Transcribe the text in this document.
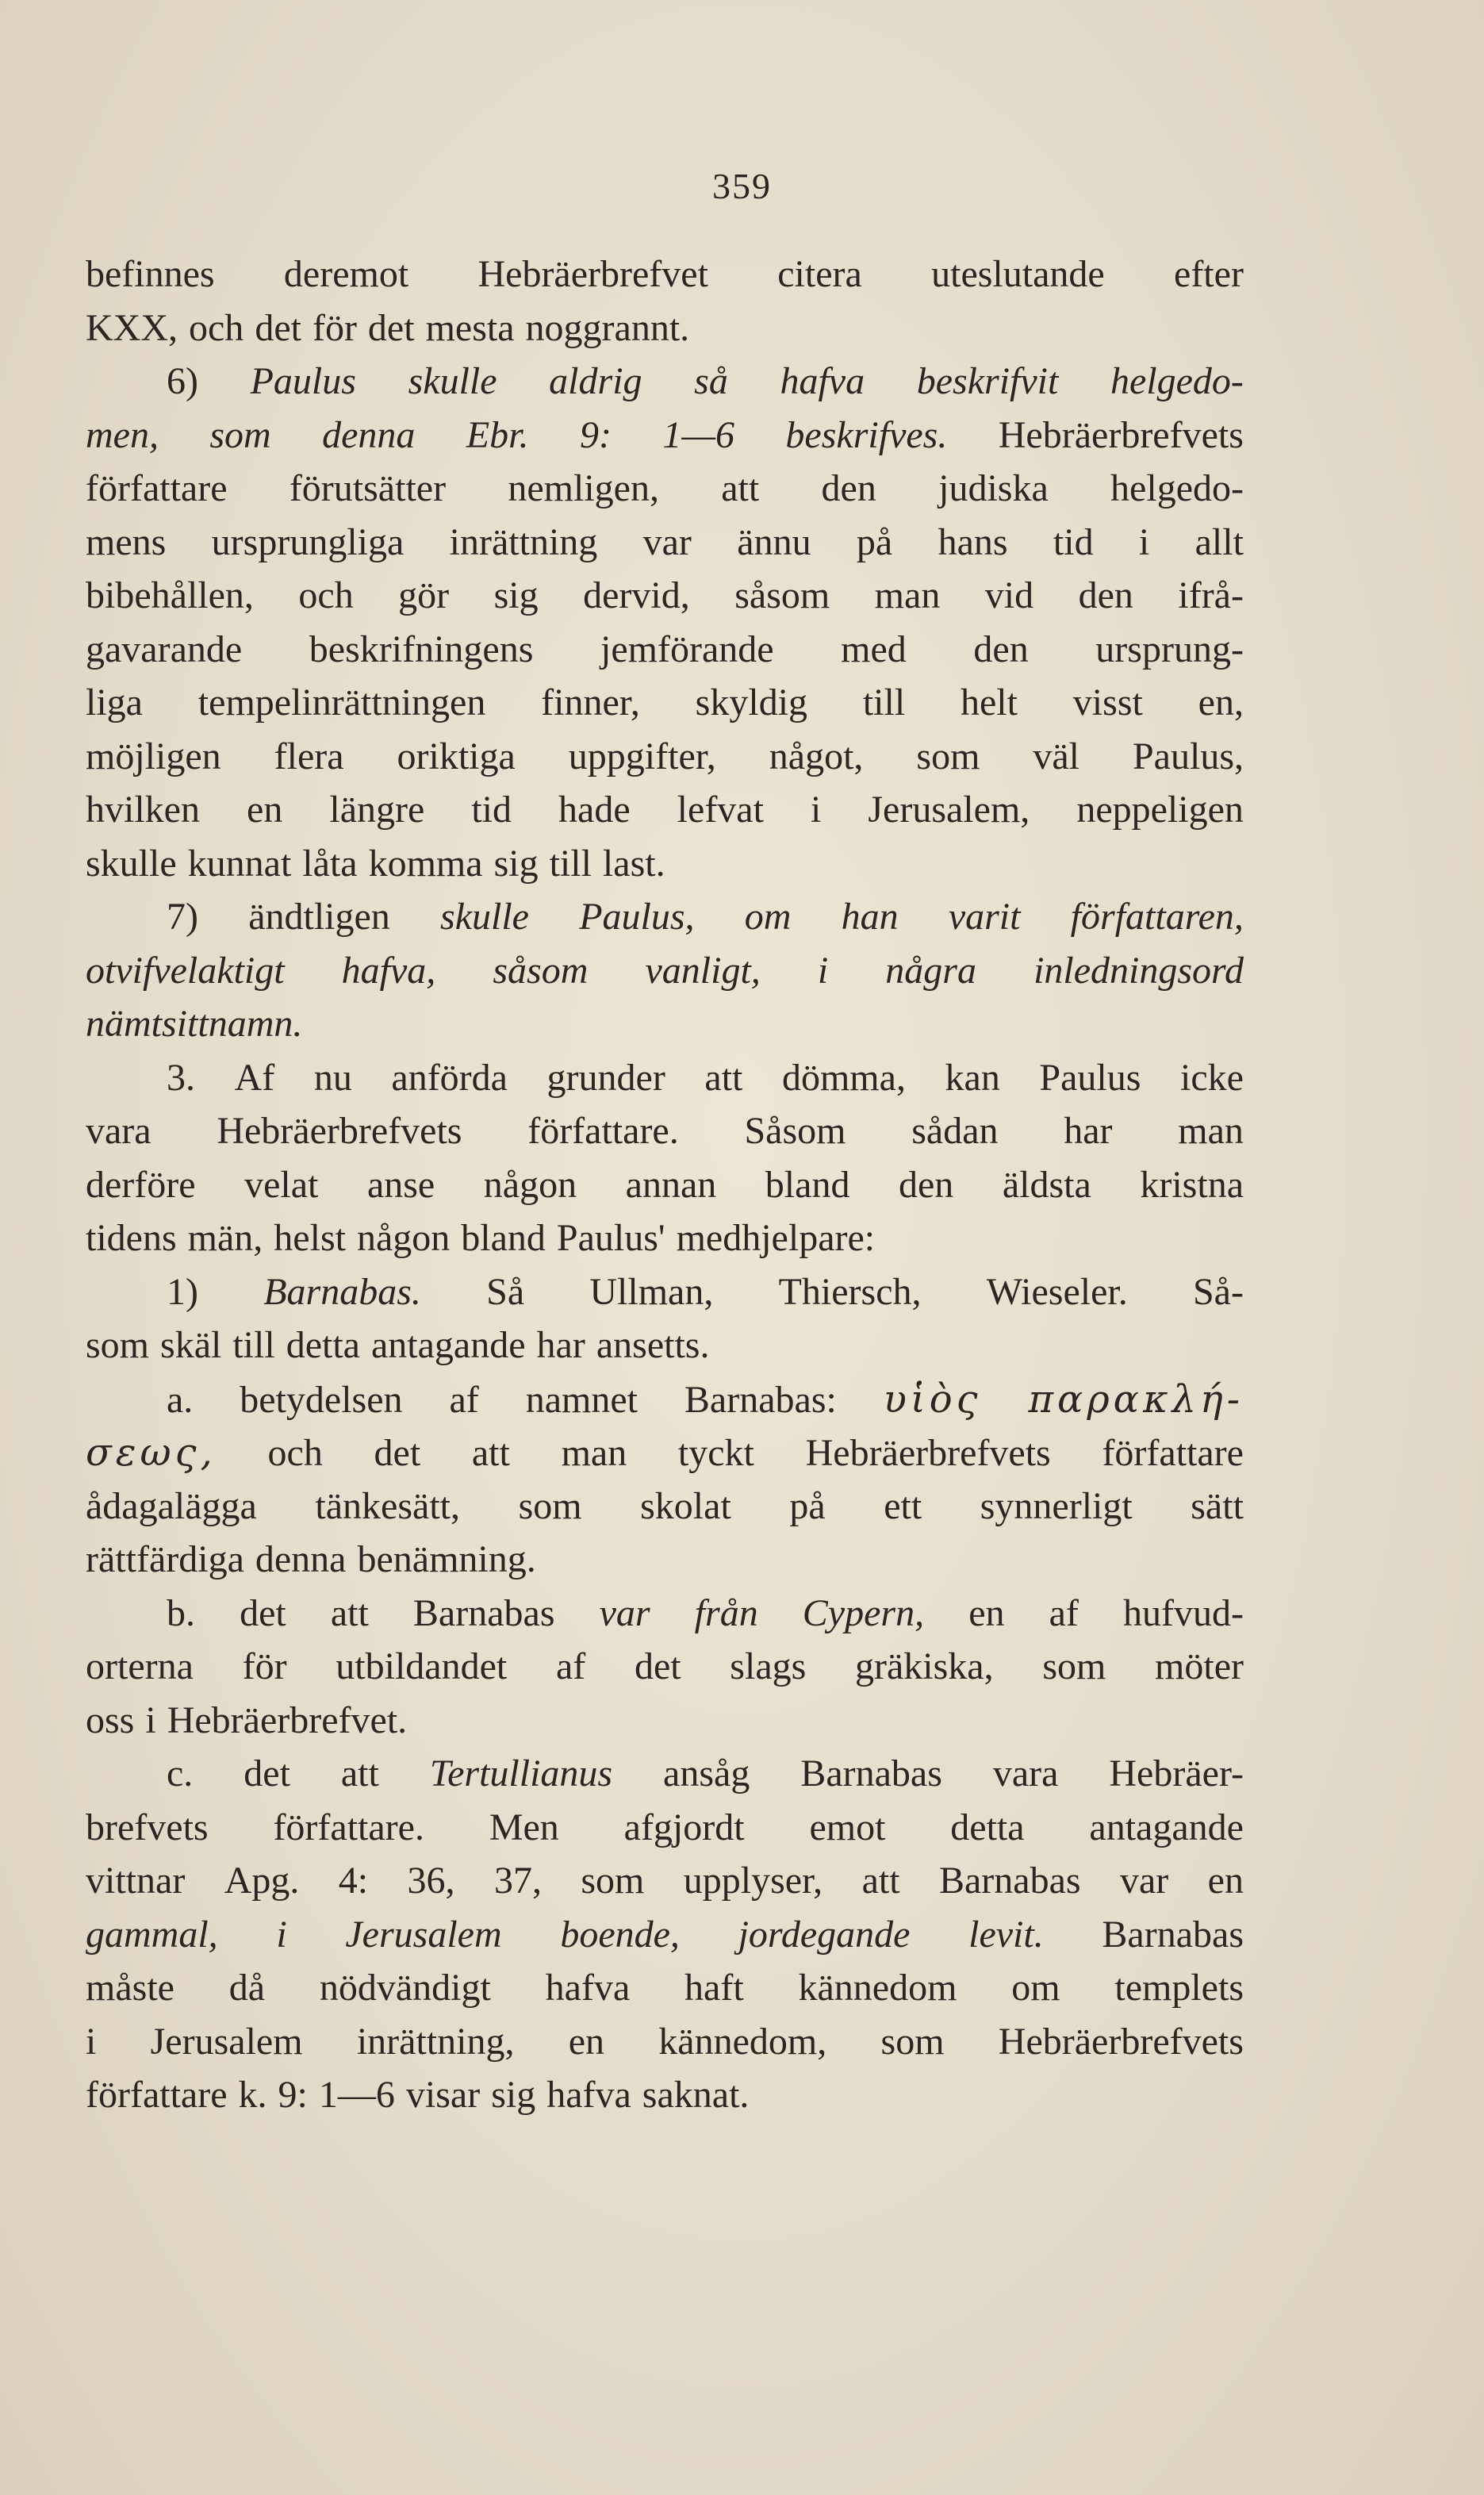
359
befinnes deremot Hebräerbrefvet citera uteslutande efter
KXX, och det för det mesta noggrannt.
6) Paulus skulle aldrig så hafva beskrifvit helgedo-
men, som denna Ebr. 9: 1—6 beskrifves. Hebräerbrefvets
författare förutsätter nemligen, att den judiska helgedo-
mens ursprungliga inrättning var ännu på hans tid i allt
bibehållen, och gör sig dervid, såsom man vid den ifrå-
gavarande beskrifningens jemförande med den ursprung-
liga tempelinrättningen finner, skyldig till helt visst en,
möjligen flera oriktiga uppgifter, något, som väl Paulus,
hvilken en längre tid hade lefvat i Jerusalem, neppeligen
skulle kunnat låta komma sig till last.
7) ändtligen skulle Paulus, om han varit författaren,
otvifvelaktigt hafva, såsom vanligt, i några inledningsord
nämt sitt namn.
3. Af nu anförda grunder att dömma, kan Paulus icke
vara Hebräerbrefvets författare. Såsom sådan har man
derföre velat anse någon annan bland den äldsta kristna
tidens män, helst någon bland Paulus' medhjelpare:
1) Barnabas. Så Ullman, Thiersch, Wieseler. Så-
som skäl till detta antagande har ansetts.
a. betydelsen af namnet Barnabas: υἱὸς παρακλή-
σεως, och det att man tyckt Hebräerbrefvets författare
ådagalägga tänkesätt, som skolat på ett synnerligt sätt
rättfärdiga denna benämning.
b. det att Barnabas var från Cypern, en af hufvud-
orterna för utbildandet af det slags gräkiska, som möter
oss i Hebräerbrefvet.
c. det att Tertullianus ansåg Barnabas vara Hebräer-
brefvets författare. Men afgjordt emot detta antagande
vittnar Apg. 4: 36, 37, som upplyser, att Barnabas var en
gammal, i Jerusalem boende, jordegande levit. Barnabas
måste då nödvändigt hafva haft kännedom om templets
i Jerusalem inrättning, en kännedom, som Hebräerbrefvets
författare k. 9: 1—6 visar sig hafva saknat.
